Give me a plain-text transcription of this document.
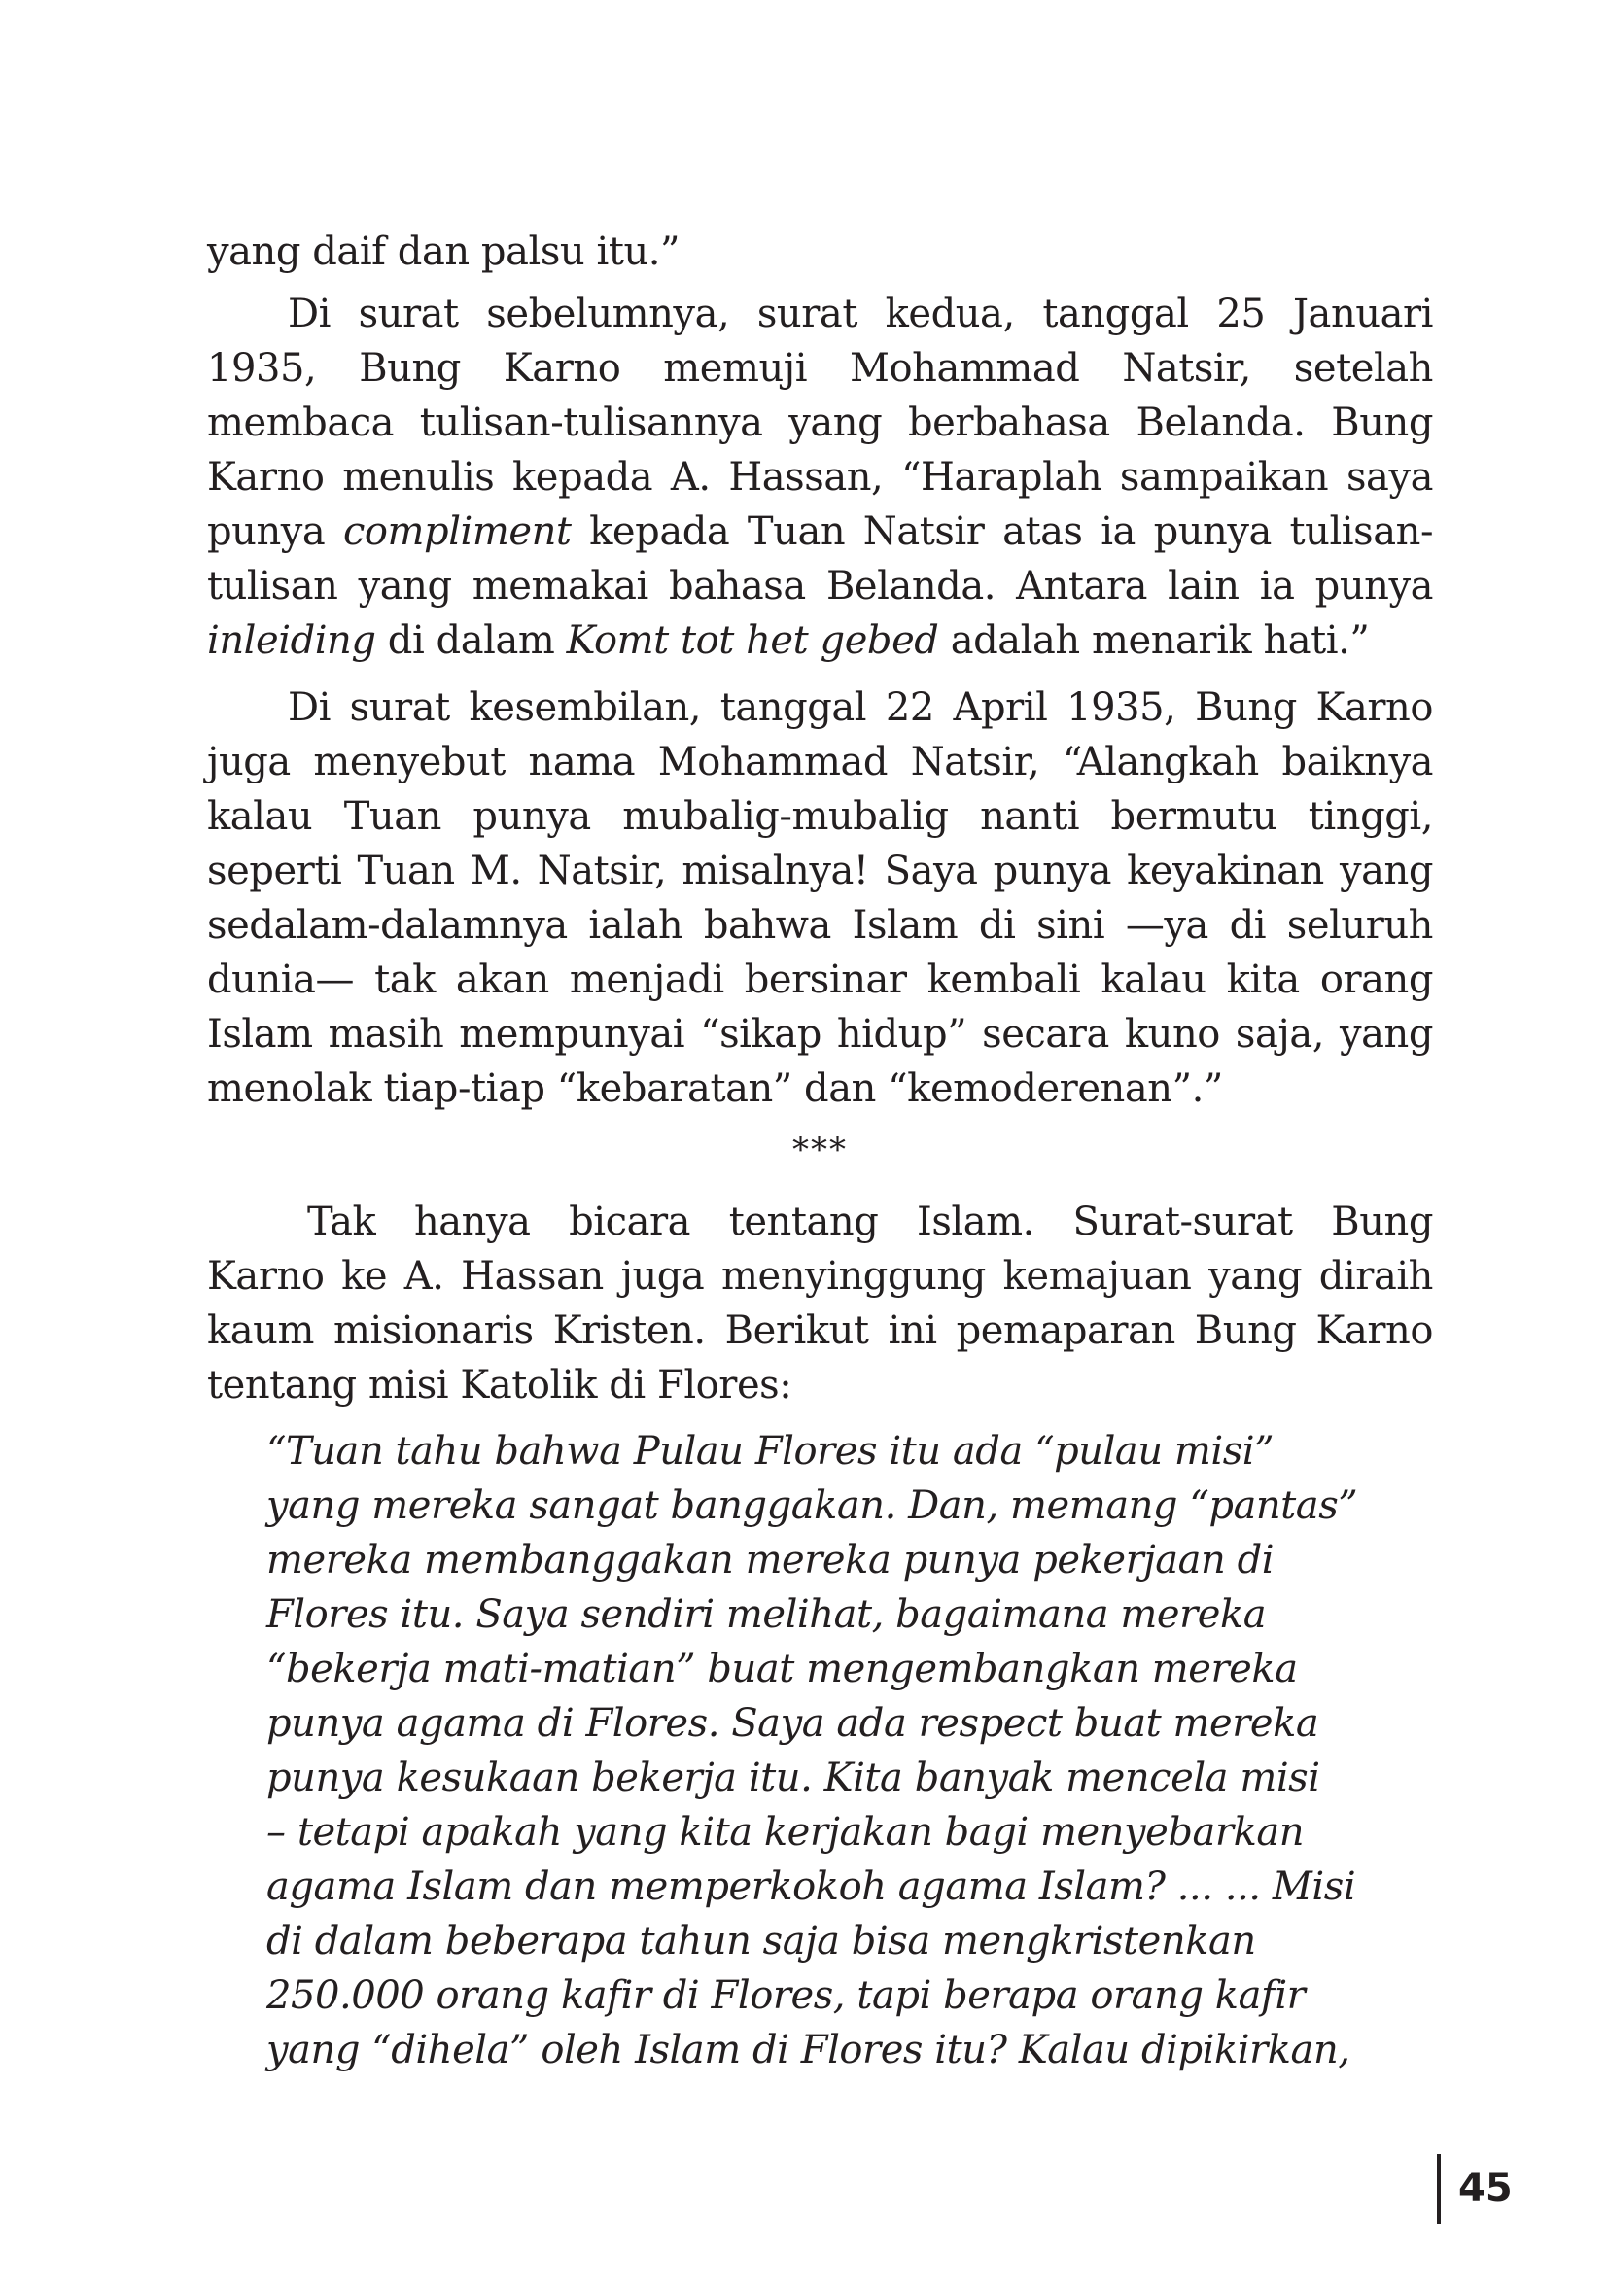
yang daif dan palsu itu.”
Di surat sebelumnya, surat kedua, tanggal 25 Januari
1935, Bung Karno memuji Mohammad Natsir, setelah
membaca tulisan-tulisannya yang berbahasa Belanda. Bung
Karno menulis kepada A. Hassan, “Haraplah sampaikan saya
punya compliment kepada Tuan Natsir atas ia punya tulisan-
tulisan yang memakai bahasa Belanda. Antara lain ia punya
inleiding di dalam Komt tot het gebed adalah menarik hati.”
Di surat kesembilan, tanggal 22 April 1935, Bung Karno
juga menyebut nama Mohammad Natsir, “Alangkah baiknya
kalau Tuan punya mubalig-mubalig nanti bermutu tinggi,
seperti Tuan M. Natsir, misalnya! Saya punya keyakinan yang
sedalam-dalamnya ialah bahwa Islam di sini —ya di seluruh
dunia— tak akan menjadi bersinar kembali kalau kita orang
Islam masih mempunyai “sikap hidup” secara kuno saja, yang
menolak tiap-tiap “kebaratan” dan “kemoderenan”.”
***
Tak hanya bicara tentang Islam. Surat-surat Bung
Karno ke A. Hassan juga menyinggung kemajuan yang diraih
kaum misionaris Kristen. Berikut ini pemaparan Bung Karno
tentang misi Katolik di Flores:
“Tuan tahu bahwa Pulau Flores itu ada “pulau misi”
yang mereka sangat banggakan. Dan, memang “pantas”
mereka membanggakan mereka punya pekerjaan di
Flores itu. Saya sendiri melihat, bagaimana mereka
“bekerja mati-matian” buat mengembangkan mereka
punya agama di Flores. Saya ada respect buat mereka
punya kesukaan bekerja itu. Kita banyak mencela misi
– tetapi apakah yang kita kerjakan bagi menyebarkan
agama Islam dan memperkokoh agama Islam? ... ... Misi
di dalam beberapa tahun saja bisa mengkristenkan
250.000 orang kafir di Flores, tapi berapa orang kafir
yang “dihela” oleh Islam di Flores itu? Kalau dipikirkan,
45
